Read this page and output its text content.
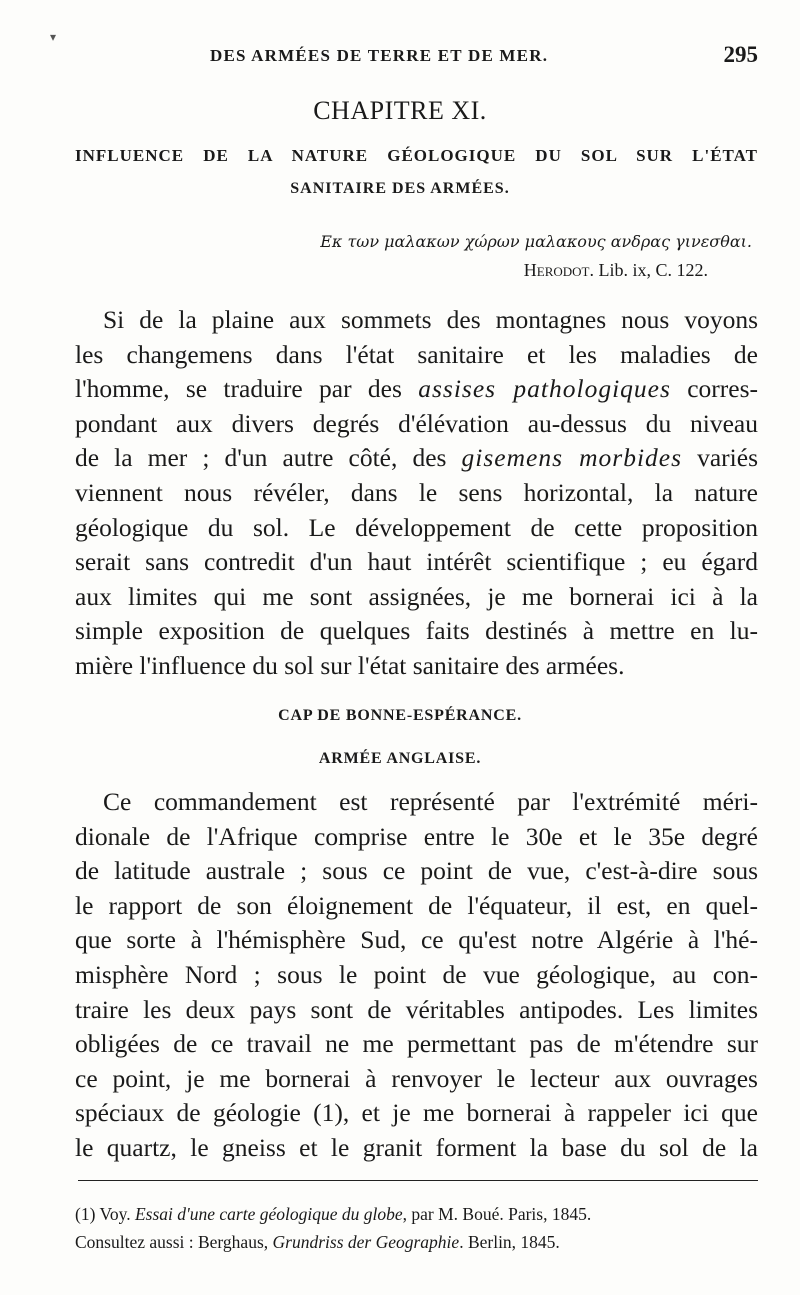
▾
DES ARMÉES DE TERRE ET DE MER.	295
CHAPITRE XI.
INFLUENCE DE LA NATURE GÉOLOGIQUE DU SOL SUR L'ÉTAT
SANITAIRE DES ARMÉES.
Εκ των μαλακων χώρων μαλακους ανδρας γινεσθαι.
Herodot. Lib. ix, C. 122.
Si de la plaine aux sommets des montagnes nous voyons
les changemens dans l'état sanitaire et les maladies de
l'homme, se traduire par des assises pathologiques corres-
pondant aux divers degrés d'élévation au-dessus du niveau
de la mer ; d'un autre côté, des gisemens morbides variés
viennent nous révéler, dans le sens horizontal, la nature
géologique du sol. Le développement de cette proposition
serait sans contredit d'un haut intérêt scientifique ; eu égard
aux limites qui me sont assignées, je me bornerai ici à la
simple exposition de quelques faits destinés à mettre en lu-
mière l'influence du sol sur l'état sanitaire des armées.
CAP DE BONNE-ESPÉRANCE.
ARMÉE ANGLAISE.
Ce commandement est représenté par l'extrémité méri-
dionale de l'Afrique comprise entre le 30e et le 35e degré
de latitude australe ; sous ce point de vue, c'est-à-dire sous
le rapport de son éloignement de l'équateur, il est, en quel-
que sorte à l'hémisphère Sud, ce qu'est notre Algérie à l'hé-
misphère Nord ; sous le point de vue géologique, au con-
traire les deux pays sont de véritables antipodes. Les limites
obligées de ce travail ne me permettant pas de m'étendre sur
ce point, je me bornerai à renvoyer le lecteur aux ouvrages
spéciaux de géologie (1), et je me bornerai à rappeler ici que
le quartz, le gneiss et le granit forment la base du sol de la
(1) Voy. Essai d'une carte géologique du globe, par M. Boué. Paris, 1845.
Consultez aussi : Berghaus, Grundriss der Geographie. Berlin, 1845.
